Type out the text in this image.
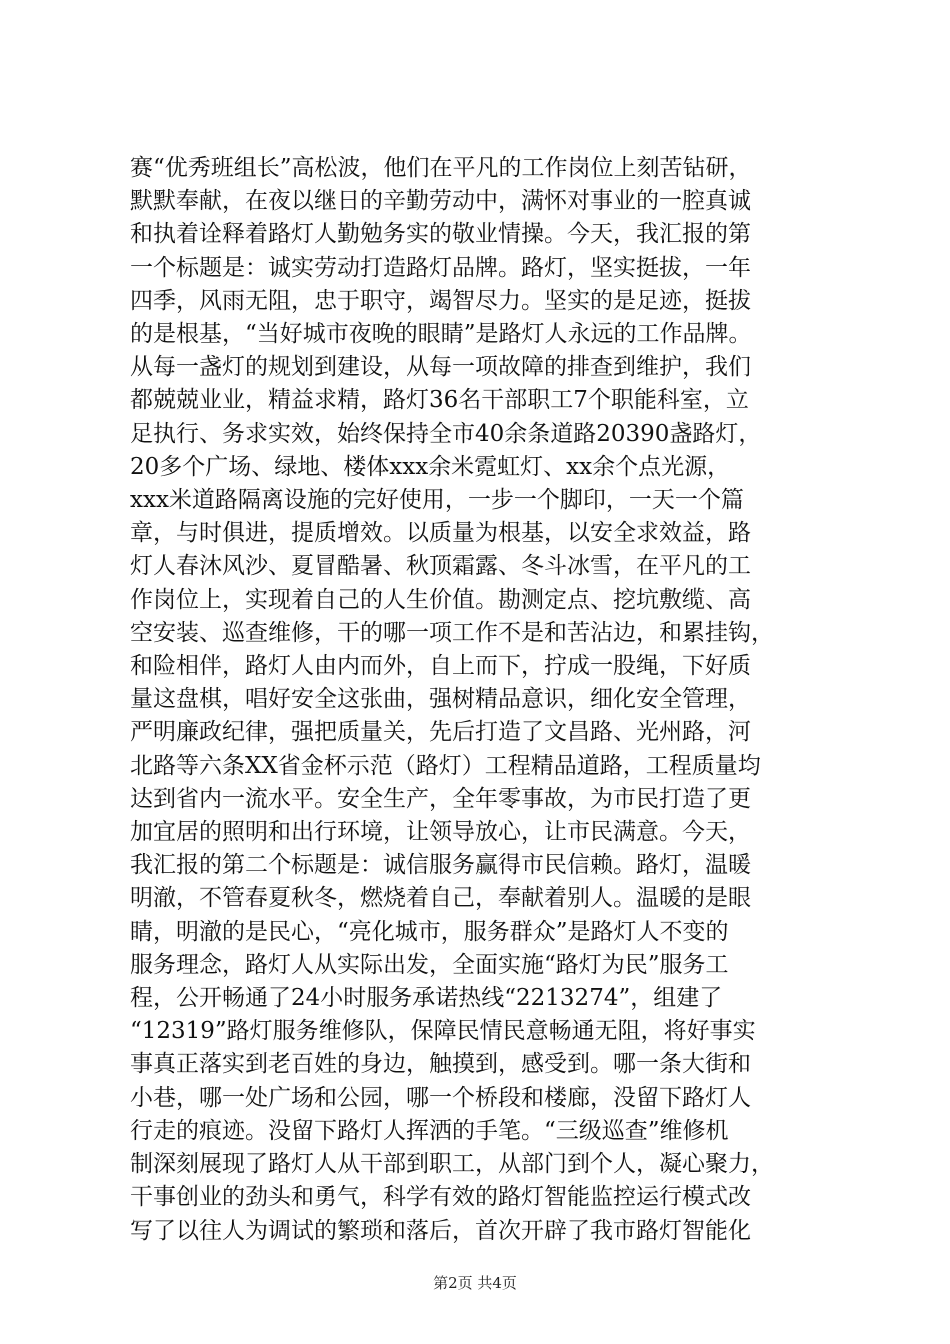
赛“优秀班组长”高松波，他们在平凡的工作岗位上刻苦钻研，
默默奉献，在夜以继日的辛勤劳动中，满怀对事业的一腔真诚
和执着诠释着路灯人勤勉务实的敬业情操。今天，我汇报的第
一个标题是：诚实劳动打造路灯品牌。路灯，坚实挺拔，一年
四季，风雨无阻，忠于职守，竭智尽力。坚实的是足迹，挺拔
的是根基，“当好城市夜晚的眼睛”是路灯人永远的工作品牌。
从每一盏灯的规划到建设，从每一项故障的排查到维护，我们
都兢兢业业，精益求精，路灯36名干部职工7个职能科室，立
足执行、务求实效，始终保持全市40余条道路20390盏路灯，
20多个广场、绿地、楼体xxx余米霓虹灯、xx余个点光源，
xxx米道路隔离设施的完好使用，一步一个脚印，一天一个篇
章，与时俱进，提质增效。以质量为根基，以安全求效益，路
灯人春沐风沙、夏冒酷暑、秋顶霜露、冬斗冰雪，在平凡的工
作岗位上，实现着自己的人生价值。勘测定点、挖坑敷缆、高
空安装、巡查维修，干的哪一项工作不是和苦沾边，和累挂钩，
和险相伴，路灯人由内而外，自上而下，拧成一股绳，下好质
量这盘棋，唱好安全这张曲，强树精品意识，细化安全管理，
严明廉政纪律，强把质量关，先后打造了文昌路、光州路，河
北路等六条XX省金杯示范（路灯）工程精品道路，工程质量均
达到省内一流水平。安全生产，全年零事故，为市民打造了更
加宜居的照明和出行环境，让领导放心，让市民满意。今天，
我汇报的第二个标题是：诚信服务赢得市民信赖。路灯，温暖
明澈，不管春夏秋冬，燃烧着自己，奉献着别人。温暖的是眼
睛，明澈的是民心，“亮化城市，服务群众”是路灯人不变的
服务理念，路灯人从实际出发，全面实施“路灯为民”服务工
程，公开畅通了24小时服务承诺热线“2213274”，组建了
“12319”路灯服务维修队，保障民情民意畅通无阻，将好事实
事真正落实到老百姓的身边，触摸到，感受到。哪一条大街和
小巷，哪一处广场和公园，哪一个桥段和楼廊，没留下路灯人
行走的痕迹。没留下路灯人挥洒的手笔。“三级巡查”维修机
制深刻展现了路灯人从干部到职工，从部门到个人，凝心聚力，
干事创业的劲头和勇气，科学有效的路灯智能监控运行模式改
写了以往人为调试的繁琐和落后，首次开辟了我市路灯智能化
第2页 共4页
